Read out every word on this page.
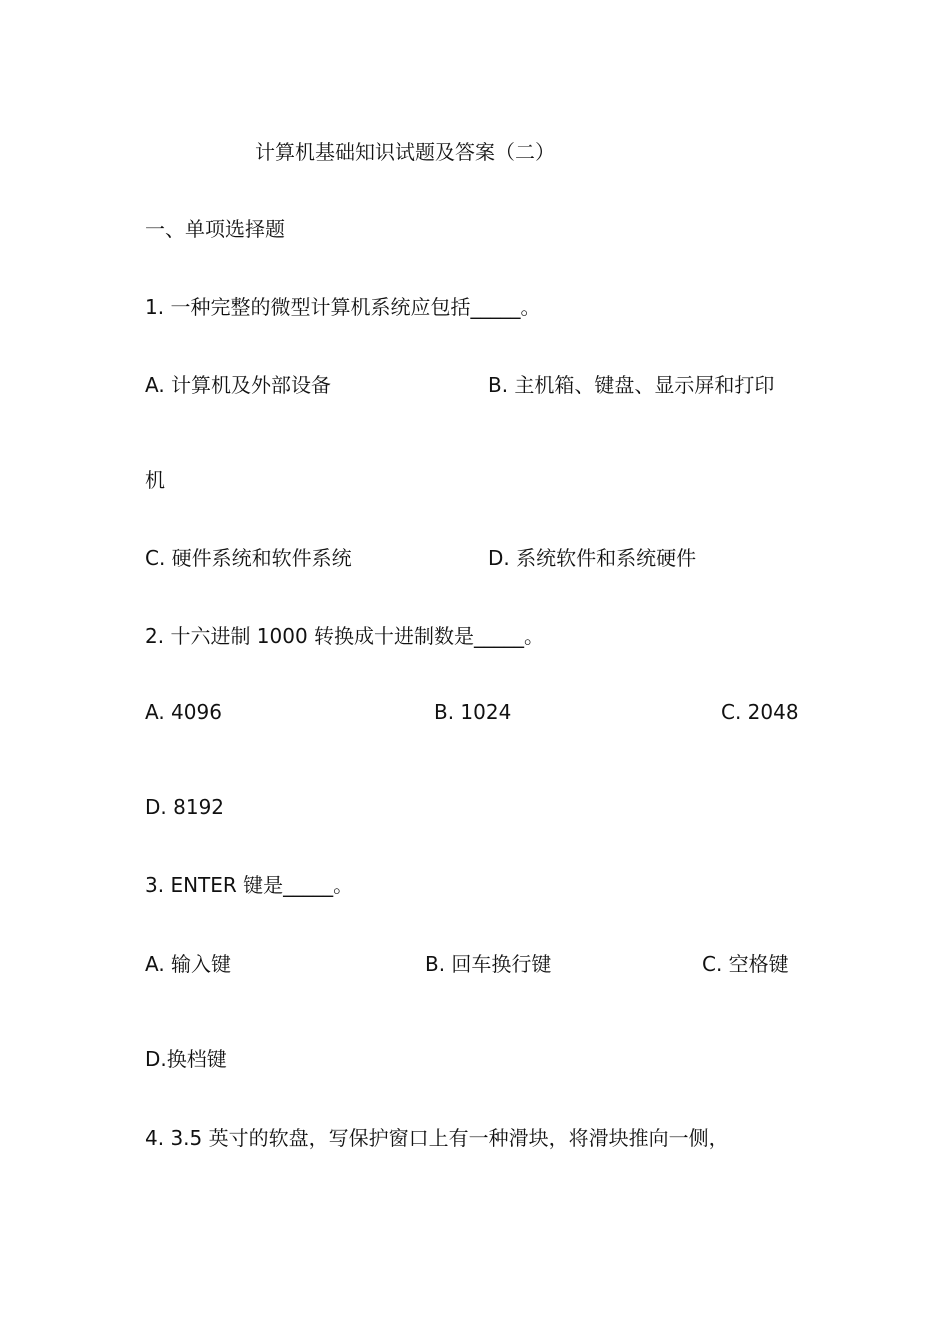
计算机基础知识试题及答案（二）
一、单项选择题
1. 一种完整的微型计算机系统应包括_____。
A. 计算机及外部设备	B. 主机箱、键盘、显示屏和打印
机
C. 硬件系统和软件系统	D. 系统软件和系统硬件
2. 十六进制 1000 转换成十进制数是_____。
A. 4096	B. 1024	C. 2048
D. 8192
3. ENTER 键是_____。
A. 输入键	B. 回车换行键	C. 空格键
D.换档键
4. 3.5 英寸的软盘，写保护窗口上有一种滑块，将滑块推向一侧，
